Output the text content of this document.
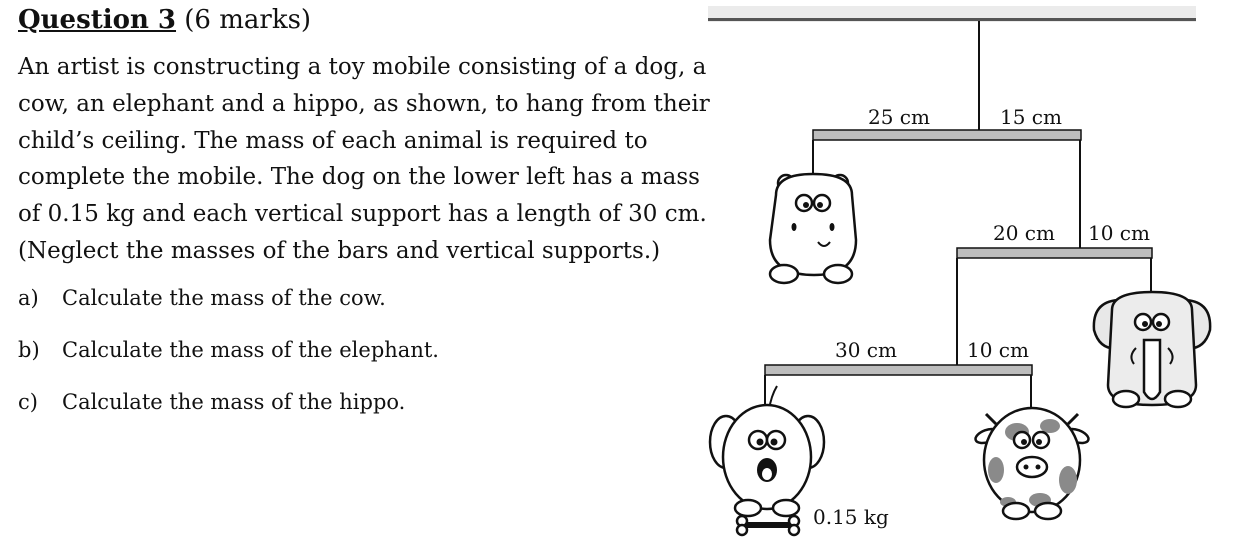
Question 3 (6 marks)
An artist is constructing a toy mobile consisting of a dog, a
cow, an elephant and a hippo, as shown, to hang from their
child’s ceiling. The mass of each animal is required to
complete the mobile. The dog on the lower left has a mass
of 0.15 kg and each vertical support has a length of 30 cm.
(Neglect the masses of the bars and vertical supports.)
a) Calculate the mass of the cow.
b) Calculate the mass of the elephant.
c) Calculate the mass of the hippo.
25 cm	15 cm
20 cm 10 cm
30 cm	10 cm
0.15 kg
